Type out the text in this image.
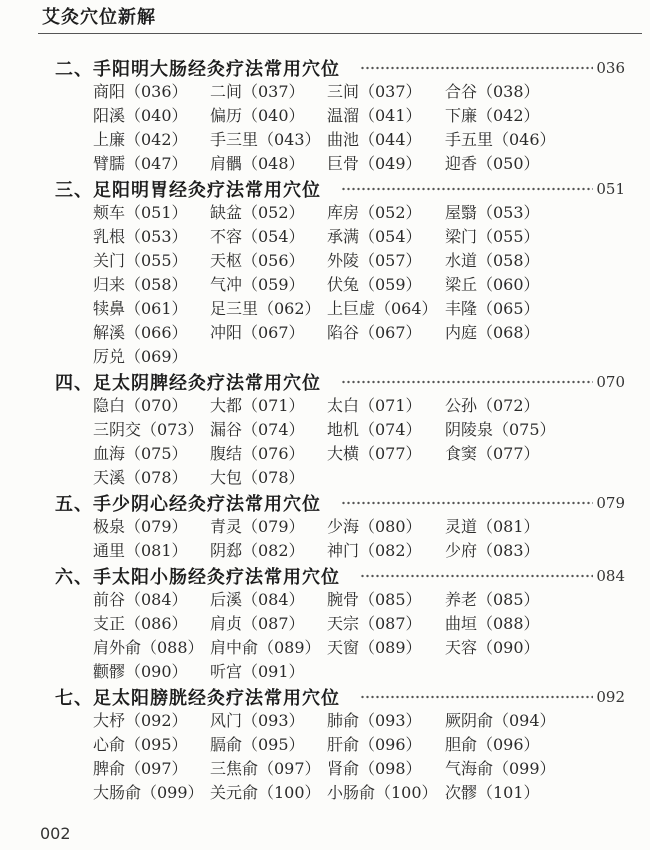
艾灸穴位新解
二、手阳明大肠经灸疗法常用穴位	036
商阳（036）	二间（037）	三间（037）	合谷（038）
阳溪（040）	偏历（040）	温溜（041）	下廉（042）
上廉（042）	手三里（043） 曲池（044）	手五里（046）
臂臑（047）	肩髃（048）	巨骨（049）	迎香（050）
三、足阳明胃经灸疗法常用穴位	051
颊车（051）	缺盆（052）	库房（052）	屋翳（053）
乳根（053）	不容（054）	承满（054）	梁门（055）
关门（055）	天枢（056）	外陵（057）	水道（058）
归来（058）	气冲（059）	伏兔（059）	梁丘（060）
犊鼻（061）	足三里（062） 上巨虚（064） 丰隆（065）
解溪（066）	冲阳（067）	陷谷（067）	内庭（068）
厉兑（069）
四、足太阴脾经灸疗法常用穴位	070
隐白（070）	大都（071）	太白（071）	公孙（072）
三阴交（073） 漏谷（074）	地机（074）	阴陵泉（075）
血海（075）	腹结（076）	大横（077）	食窦（077）
天溪（078）	大包（078）
五、手少阴心经灸疗法常用穴位	079
极泉（079）	青灵（079）	少海（080）	灵道（081）
通里（081）	阴郄（082）	神门（082）	少府（083）
六、手太阳小肠经灸疗法常用穴位	084
前谷（084）	后溪（084）	腕骨（085）	养老（085）
支正（086）	肩贞（087）	天宗（087）	曲垣（088）
肩外俞（088） 肩中俞（089） 天窗（089）	天容（090）
颧髎（090）	听宫（091）
七、足太阳膀胱经灸疗法常用穴位	092
大杼（092）	风门（093）	肺俞（093）	厥阴俞（094）
心俞（095）	膈俞（095）	肝俞（096）	胆俞（096）
脾俞（097）	三焦俞（097） 肾俞（098）	气海俞（099）
大肠俞（099） 关元俞（100） 小肠俞（100） 次髎（101）
002
